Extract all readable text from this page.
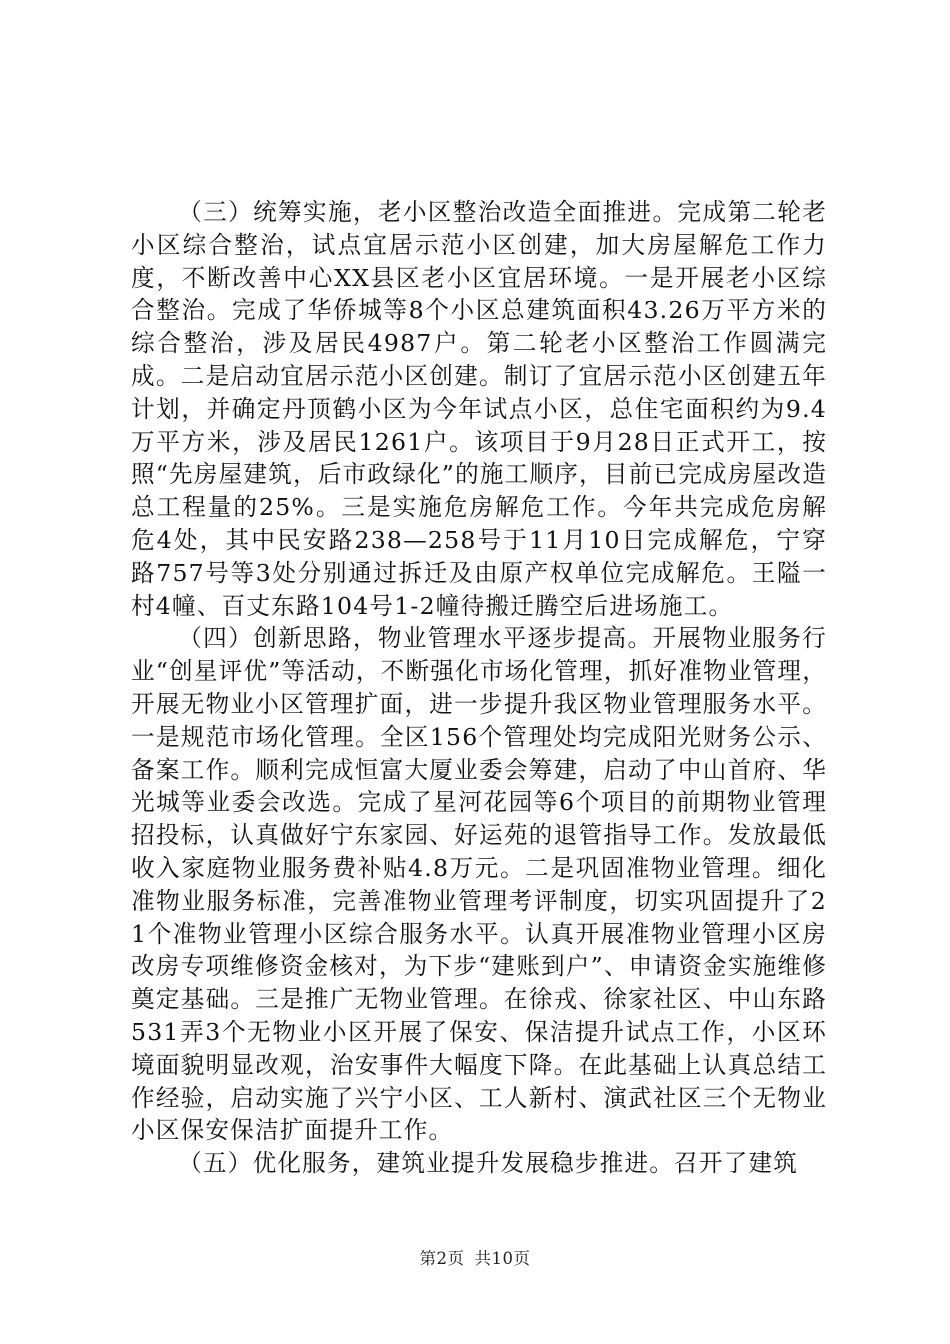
（三）统筹实施，老小区整治改造全面推进。完成第二轮老小区综合整治，试点宜居示范小区创建，加大房屋解危工作力度，不断改善中心XX县区老小区宜居环境。一是开展老小区综合整治。完成了华侨城等8个小区总建筑面积43.26万平方米的综合整治，涉及居民4987户。第二轮老小区整治工作圆满完成。二是启动宜居示范小区创建。制订了宜居示范小区创建五年计划，并确定丹顶鹤小区为今年试点小区，总住宅面积约为9.4万平方米，涉及居民1261户。该项目于9月28日正式开工，按照“先房屋建筑，后市政绿化”的施工顺序，目前已完成房屋改造总工程量的25%。三是实施危房解危工作。今年共完成危房解危4处，其中民安路238—258号于11月10日完成解危，宁穿路757号等3处分别通过拆迁及由原产权单位完成解危。王隘一村4幢、百丈东路104号1-2幢待搬迁腾空后进场施工。

（四）创新思路，物业管理水平逐步提高。开展物业服务行业“创星评优”等活动，不断强化市场化管理，抓好准物业管理，开展无物业小区管理扩面，进一步提升我区物业管理服务水平。一是规范市场化管理。全区156个管理处均完成阳光财务公示、备案工作。顺利完成恒富大厦业委会筹建，启动了中山首府、华光城等业委会改选。完成了星河花园等6个项目的前期物业管理招投标，认真做好宁东家园、好运苑的退管指导工作。发放最低收入家庭物业服务费补贴4.8万元。二是巩固准物业管理。细化准物业服务标准，完善准物业管理考评制度，切实巩固提升了21个准物业管理小区综合服务水平。认真开展准物业管理小区房改房专项维修资金核对，为下步“建账到户”、申请资金实施维修奠定基础。三是推广无物业管理。在徐戎、徐家社区、中山东路531弄3个无物业小区开展了保安、保洁提升试点工作，小区环境面貌明显改观，治安事件大幅度下降。在此基础上认真总结工作经验，启动实施了兴宁小区、工人新村、演武社区三个无物业小区保安保洁扩面提升工作。

（五）优化服务，建筑业提升发展稳步推进。召开了建筑

第2页 共10页
